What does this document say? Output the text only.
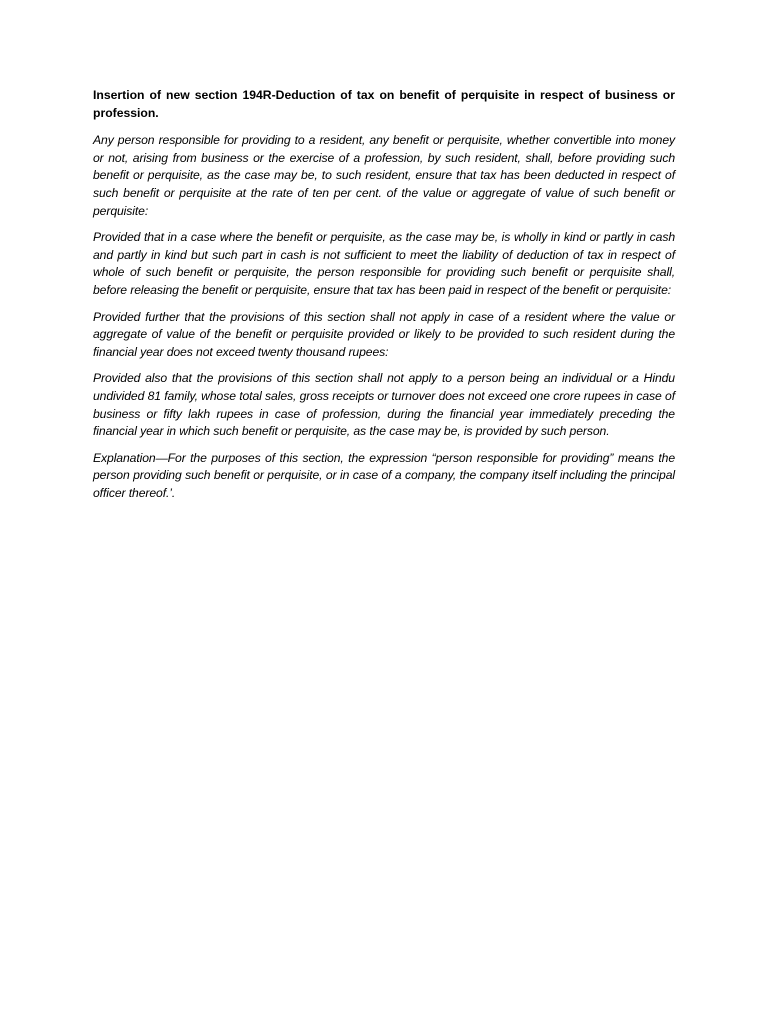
Insertion of new section 194R-Deduction of tax on benefit of perquisite in respect of business or profession.

Any person responsible for providing to a resident, any benefit or perquisite, whether convertible into money or not, arising from business or the exercise of a profession, by such resident, shall, before providing such benefit or perquisite, as the case may be, to such resident, ensure that tax has been deducted in respect of such benefit or perquisite at the rate of ten per cent. of the value or aggregate of value of such benefit or perquisite:

Provided that in a case where the benefit or perquisite, as the case may be, is wholly in kind or partly in cash and partly in kind but such part in cash is not sufficient to meet the liability of deduction of tax in respect of whole of such benefit or perquisite, the person responsible for providing such benefit or perquisite shall, before releasing the benefit or perquisite, ensure that tax has been paid in respect of the benefit or perquisite:

Provided further that the provisions of this section shall not apply in case of a resident where the value or aggregate of value of the benefit or perquisite provided or likely to be provided to such resident during the financial year does not exceed twenty thousand rupees:

Provided also that the provisions of this section shall not apply to a person being an individual or a Hindu undivided 81 family, whose total sales, gross receipts or turnover does not exceed one crore rupees in case of business or fifty lakh rupees in case of profession, during the financial year immediately preceding the financial year in which such benefit or perquisite, as the case may be, is provided by such person.

Explanation—For the purposes of this section, the expression “person responsible for providing” means the person providing such benefit or perquisite, or in case of a company, the company itself including the principal officer thereof.’.
